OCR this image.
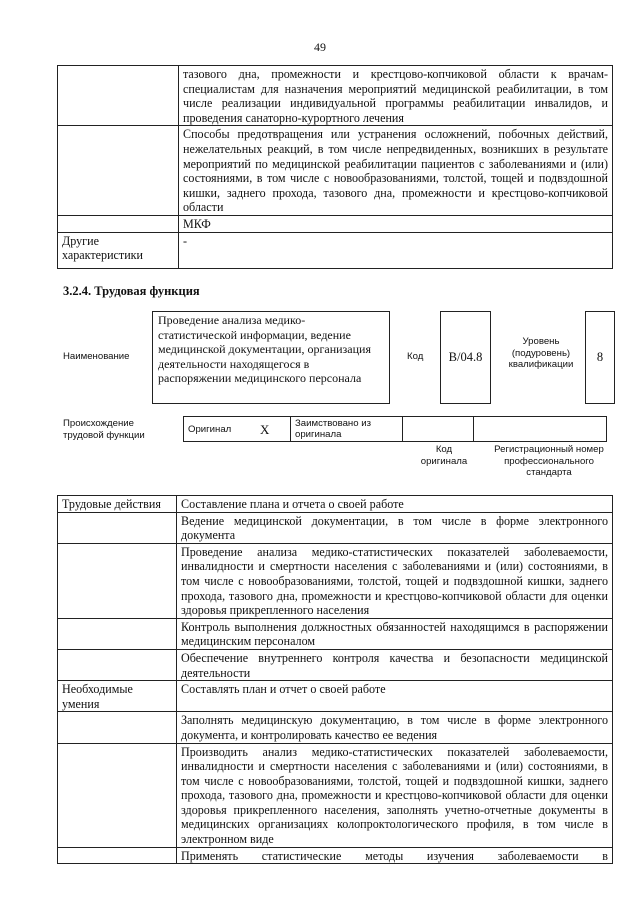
49
	тазового дна, промежности и крестцово-копчиковой области к врачам-специалистам для назначения мероприятий медицинской реабилитации, в том числе реализации индивидуальной программы реабилитации инвалидов, и проведения санаторно-курортного лечения
	Способы предотвращения или устранения осложнений, побочных действий, нежелательных реакций, в том числе непредвиденных, возникших в результате мероприятий по медицинской реабилитации пациентов с заболеваниями и (или) состояниями, в том числе с новообразованиями, толстой, тощей и подвздошной кишки, заднего прохода, тазового дна, промежности и крестцово-копчиковой области
	МКФ
Другие характеристики	-
3.2.4. Трудовая функция
Наименование
Проведение анализа медико-статистической информации, ведение медицинской документации, организация деятельности находящегося в распоряжении медицинского персонала
Код B/04.8
Уровень (подуровень) квалификации
8
Происхождение трудовой функции
Оригинал	X	Заимствовано из оригинала		
Код оригинала
Регистрационный номер профессионального стандарта
Трудовые действия	Составление плана и отчета о своей работе
	Ведение медицинской документации, в том числе в форме электронного документа
	Проведение анализа медико-статистических показателей заболеваемости, инвалидности и смертности населения с заболеваниями и (или) состояниями, в том числе с новообразованиями, толстой, тощей и подвздошной кишки, заднего прохода, тазового дна, промежности и крестцово-копчиковой области для оценки здоровья прикрепленного населения
	Контроль выполнения должностных обязанностей находящимся в распоряжении медицинским персоналом
	Обеспечение внутреннего контроля качества и безопасности медицинской деятельности
Необходимые умения	Составлять план и отчет о своей работе
	Заполнять медицинскую документацию, в том числе в форме электронного документа, и контролировать качество ее ведения
	Производить анализ медико-статистических показателей заболеваемости, инвалидности и смертности населения с заболеваниями и (или) состояниями, в том числе с новообразованиями, толстой, тощей и подвздошной кишки, заднего прохода, тазового дна, промежности и крестцово-копчиковой области для оценки здоровья прикрепленного населения, заполнять учетно-отчетные документы в медицинских организациях колопроктологического профиля, в том числе в электронном виде
	Применять статистические методы изучения заболеваемости в
